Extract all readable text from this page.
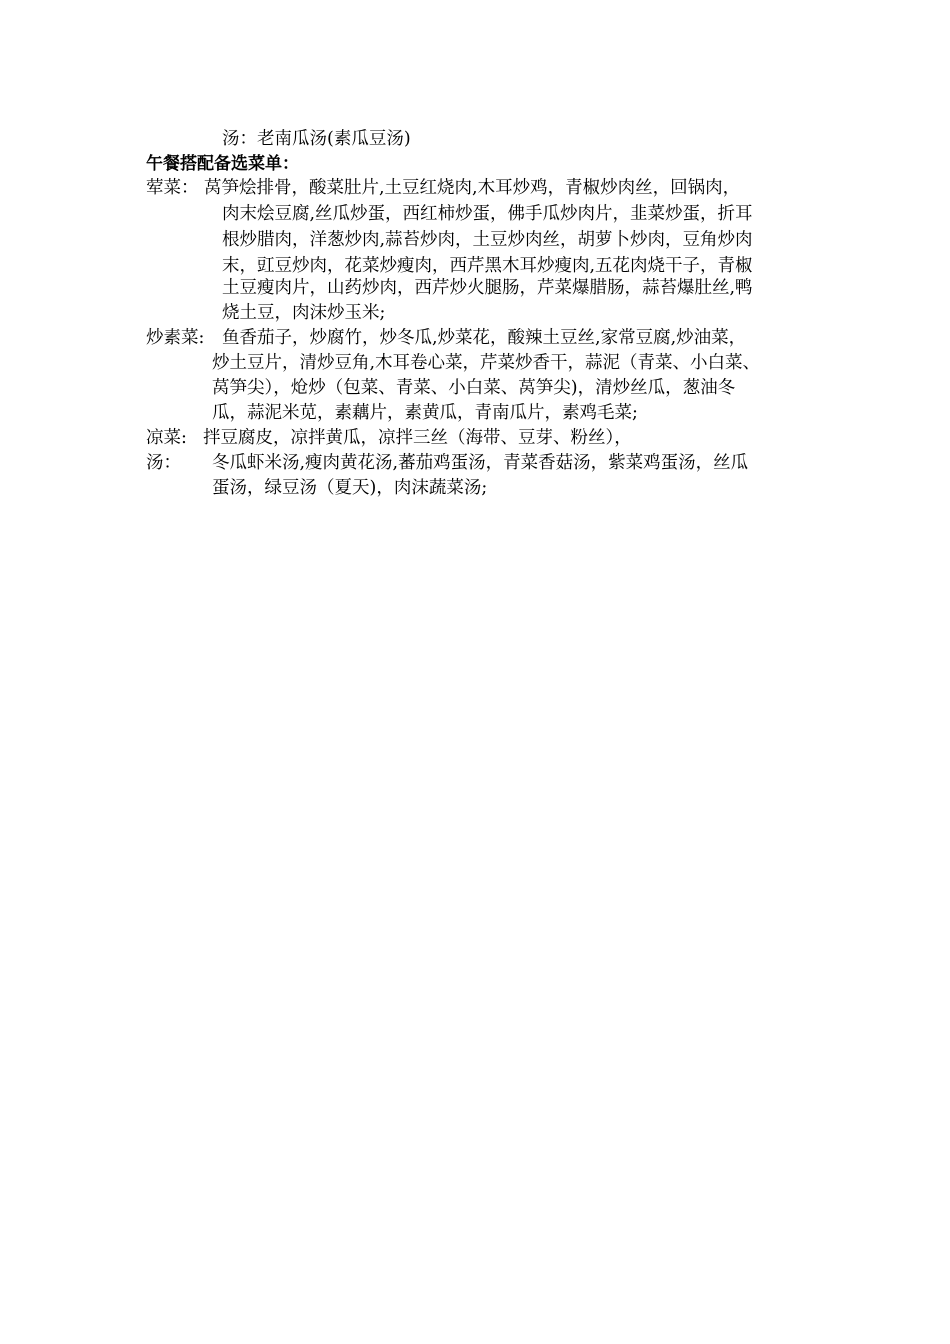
汤：老南瓜汤(素瓜豆汤)
午餐搭配备选菜单：
荤菜： 莴笋烩排骨，酸菜肚片,土豆红烧肉,木耳炒鸡，青椒炒肉丝，回锅肉，
肉末烩豆腐,丝瓜炒蛋，西红柿炒蛋，佛手瓜炒肉片，韭菜炒蛋，折耳
根炒腊肉，洋葱炒肉,蒜苔炒肉，土豆炒肉丝，胡萝卜炒肉，豆角炒肉
末，豇豆炒肉，花菜炒瘦肉，西芹黑木耳炒瘦肉,五花肉烧干子，青椒
土豆瘦肉片，山药炒肉，西芹炒火腿肠，芹菜爆腊肠，蒜苔爆肚丝,鸭
烧土豆，肉沫炒玉米;
炒素菜: 鱼香茄子，炒腐竹，炒冬瓜,炒菜花，酸辣土豆丝,家常豆腐,炒油菜，
炒土豆片，清炒豆角,木耳卷心菜，芹菜炒香干，蒜泥（青菜、小白菜、
莴笋尖），炝炒（包菜、青菜、小白菜、莴笋尖)，清炒丝瓜，葱油冬
瓜，蒜泥米苋，素藕片，素黄瓜，青南瓜片，素鸡毛菜;
凉菜: 拌豆腐皮，凉拌黄瓜，凉拌三丝（海带、豆芽、粉丝），
汤： 冬瓜虾米汤,瘦肉黄花汤,蕃茄鸡蛋汤，青菜香菇汤，紫菜鸡蛋汤，丝瓜
蛋汤，绿豆汤（夏天)，肉沫蔬菜汤;
